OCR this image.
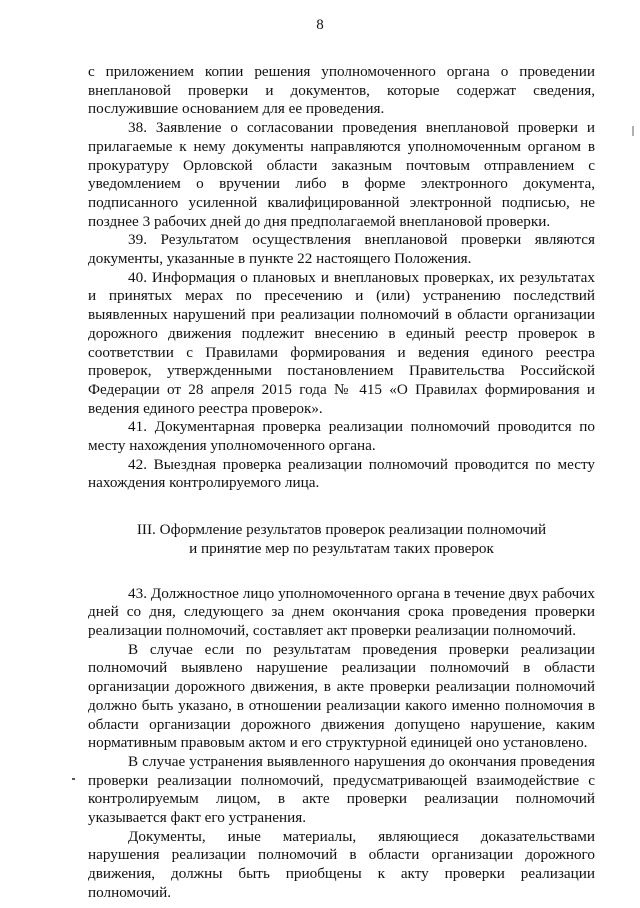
8

с приложением копии решения уполномоченного органа о проведении внеплановой проверки и документов, которые содержат сведения, послужившие основанием для ее проведения.

38. Заявление о согласовании проведения внеплановой проверки и прилагаемые к нему документы направляются уполномоченным органом в прокуратуру Орловской области заказным почтовым отправлением с уведомлением о вручении либо в форме электронного документа, подписанного усиленной квалифицированной электронной подписью, не позднее 3 рабочих дней до дня предполагаемой внеплановой проверки.

39. Результатом осуществления внеплановой проверки являются документы, указанные в пункте 22 настоящего Положения.

40. Информация о плановых и внеплановых проверках, их результатах и принятых мерах по пресечению и (или) устранению последствий выявленных нарушений при реализации полномочий в области организации дорожного движения подлежит внесению в единый реестр проверок в соответствии с Правилами формирования и ведения единого реестра проверок, утвержденными постановлением Правительства Российской Федерации от 28 апреля 2015 года № 415 «О Правилах формирования и ведения единого реестра проверок».

41. Документарная проверка реализации полномочий проводится по месту нахождения уполномоченного органа.

42. Выездная проверка реализации полномочий проводится по месту нахождения контролируемого лица.

III. Оформление результатов проверок реализации полномочий
и принятие мер по результатам таких проверок

43. Должностное лицо уполномоченного органа в течение двух рабочих дней со дня, следующего за днем окончания срока проведения проверки реализации полномочий, составляет акт проверки реализации полномочий.

В случае если по результатам проведения проверки реализации полномочий выявлено нарушение реализации полномочий в области организации дорожного движения, в акте проверки реализации полномочий должно быть указано, в отношении реализации какого именно полномочия в области организации дорожного движения допущено нарушение, каким нормативным правовым актом и его структурной единицей оно установлено.

В случае устранения выявленного нарушения до окончания проведения проверки реализации полномочий, предусматривающей взаимодействие с контролируемым лицом, в акте проверки реализации полномочий указывается факт его устранения.

Документы, иные материалы, являющиеся доказательствами нарушения реализации полномочий в области организации дорожного движения, должны быть приобщены к акту проверки реализации полномочий.
